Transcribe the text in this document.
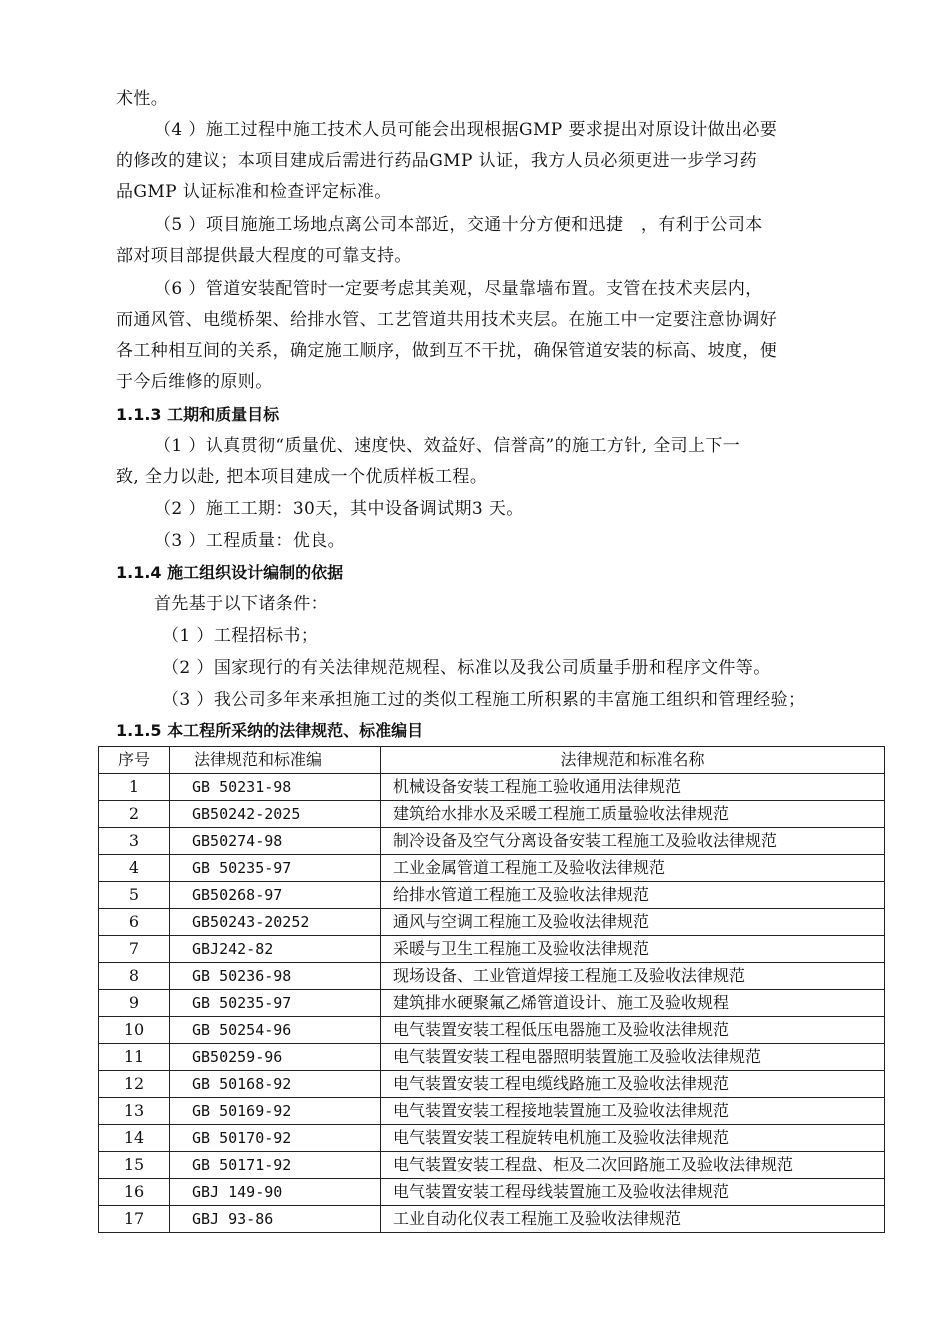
术性。
（4 ）施工过程中施工技术人员可能会出现根据GMP 要求提出对原设计做出必要
的修改的建议；本项目建成后需进行药品GMP 认证，我方人员必须更进一步学习药
品GMP 认证标准和检查评定标准。
（5 ）项目施施工场地点离公司本部近，交通十分方便和迅捷　，有利于公司本
部对项目部提供最大程度的可靠支持。
（6 ）管道安装配管时一定要考虑其美观，尽量靠墙布置。支管在技术夹层内，
而通风管、电缆桥架、给排水管、工艺管道共用技术夹层。在施工中一定要注意协调好
各工种相互间的关系，确定施工顺序，做到互不干扰，确保管道安装的标高、坡度，便
于今后维修的原则。
1.1.3 工期和质量目标
（1 ）认真贯彻“质量优、速度快、效益好、信誉高”的施工方针, 全司上下一
致, 全力以赴, 把本项目建成一个优质样板工程。
（2 ）施工工期：30天，其中设备调试期3 天。
（3 ）工程质量：优良。
1.1.4 施工组织设计编制的依据
首先基于以下诸条件：
（1 ）工程招标书；
（2 ）国家现行的有关法律规范规程、标准以及我公司质量手册和程序文件等。
（3 ）我公司多年来承担施工过的类似工程施工所积累的丰富施工组织和管理经验；
1.1.5 本工程所采纳的法律规范、标准编目
序号	法律规范和标准编	法律规范和标准名称
1	GB 50231-98	机械设备安装工程施工验收通用法律规范
2	GB50242-2025	建筑给水排水及采暖工程施工质量验收法律规范
3	GB50274-98	制冷设备及空气分离设备安装工程施工及验收法律规范
4	GB 50235-97	工业金属管道工程施工及验收法律规范
5	GB50268-97	给排水管道工程施工及验收法律规范
6	GB50243-20252	通风与空调工程施工及验收法律规范
7	GBJ242-82	采暖与卫生工程施工及验收法律规范
8	GB 50236-98	现场设备、工业管道焊接工程施工及验收法律规范
9	GB 50235-97	建筑排水硬聚氟乙烯管道设计、施工及验收规程
10	GB 50254-96	电气装置安装工程低压电器施工及验收法律规范
11	GB50259-96	电气装置安装工程电器照明装置施工及验收法律规范
12	GB 50168-92	电气装置安装工程电缆线路施工及验收法律规范
13	GB 50169-92	电气装置安装工程接地装置施工及验收法律规范
14	GB 50170-92	电气装置安装工程旋转电机施工及验收法律规范
15	GB 50171-92	电气装置安装工程盘、柜及二次回路施工及验收法律规范
16	GBJ 149-90	电气装置安装工程母线装置施工及验收法律规范
17	GBJ 93-86	工业自动化仪表工程施工及验收法律规范
